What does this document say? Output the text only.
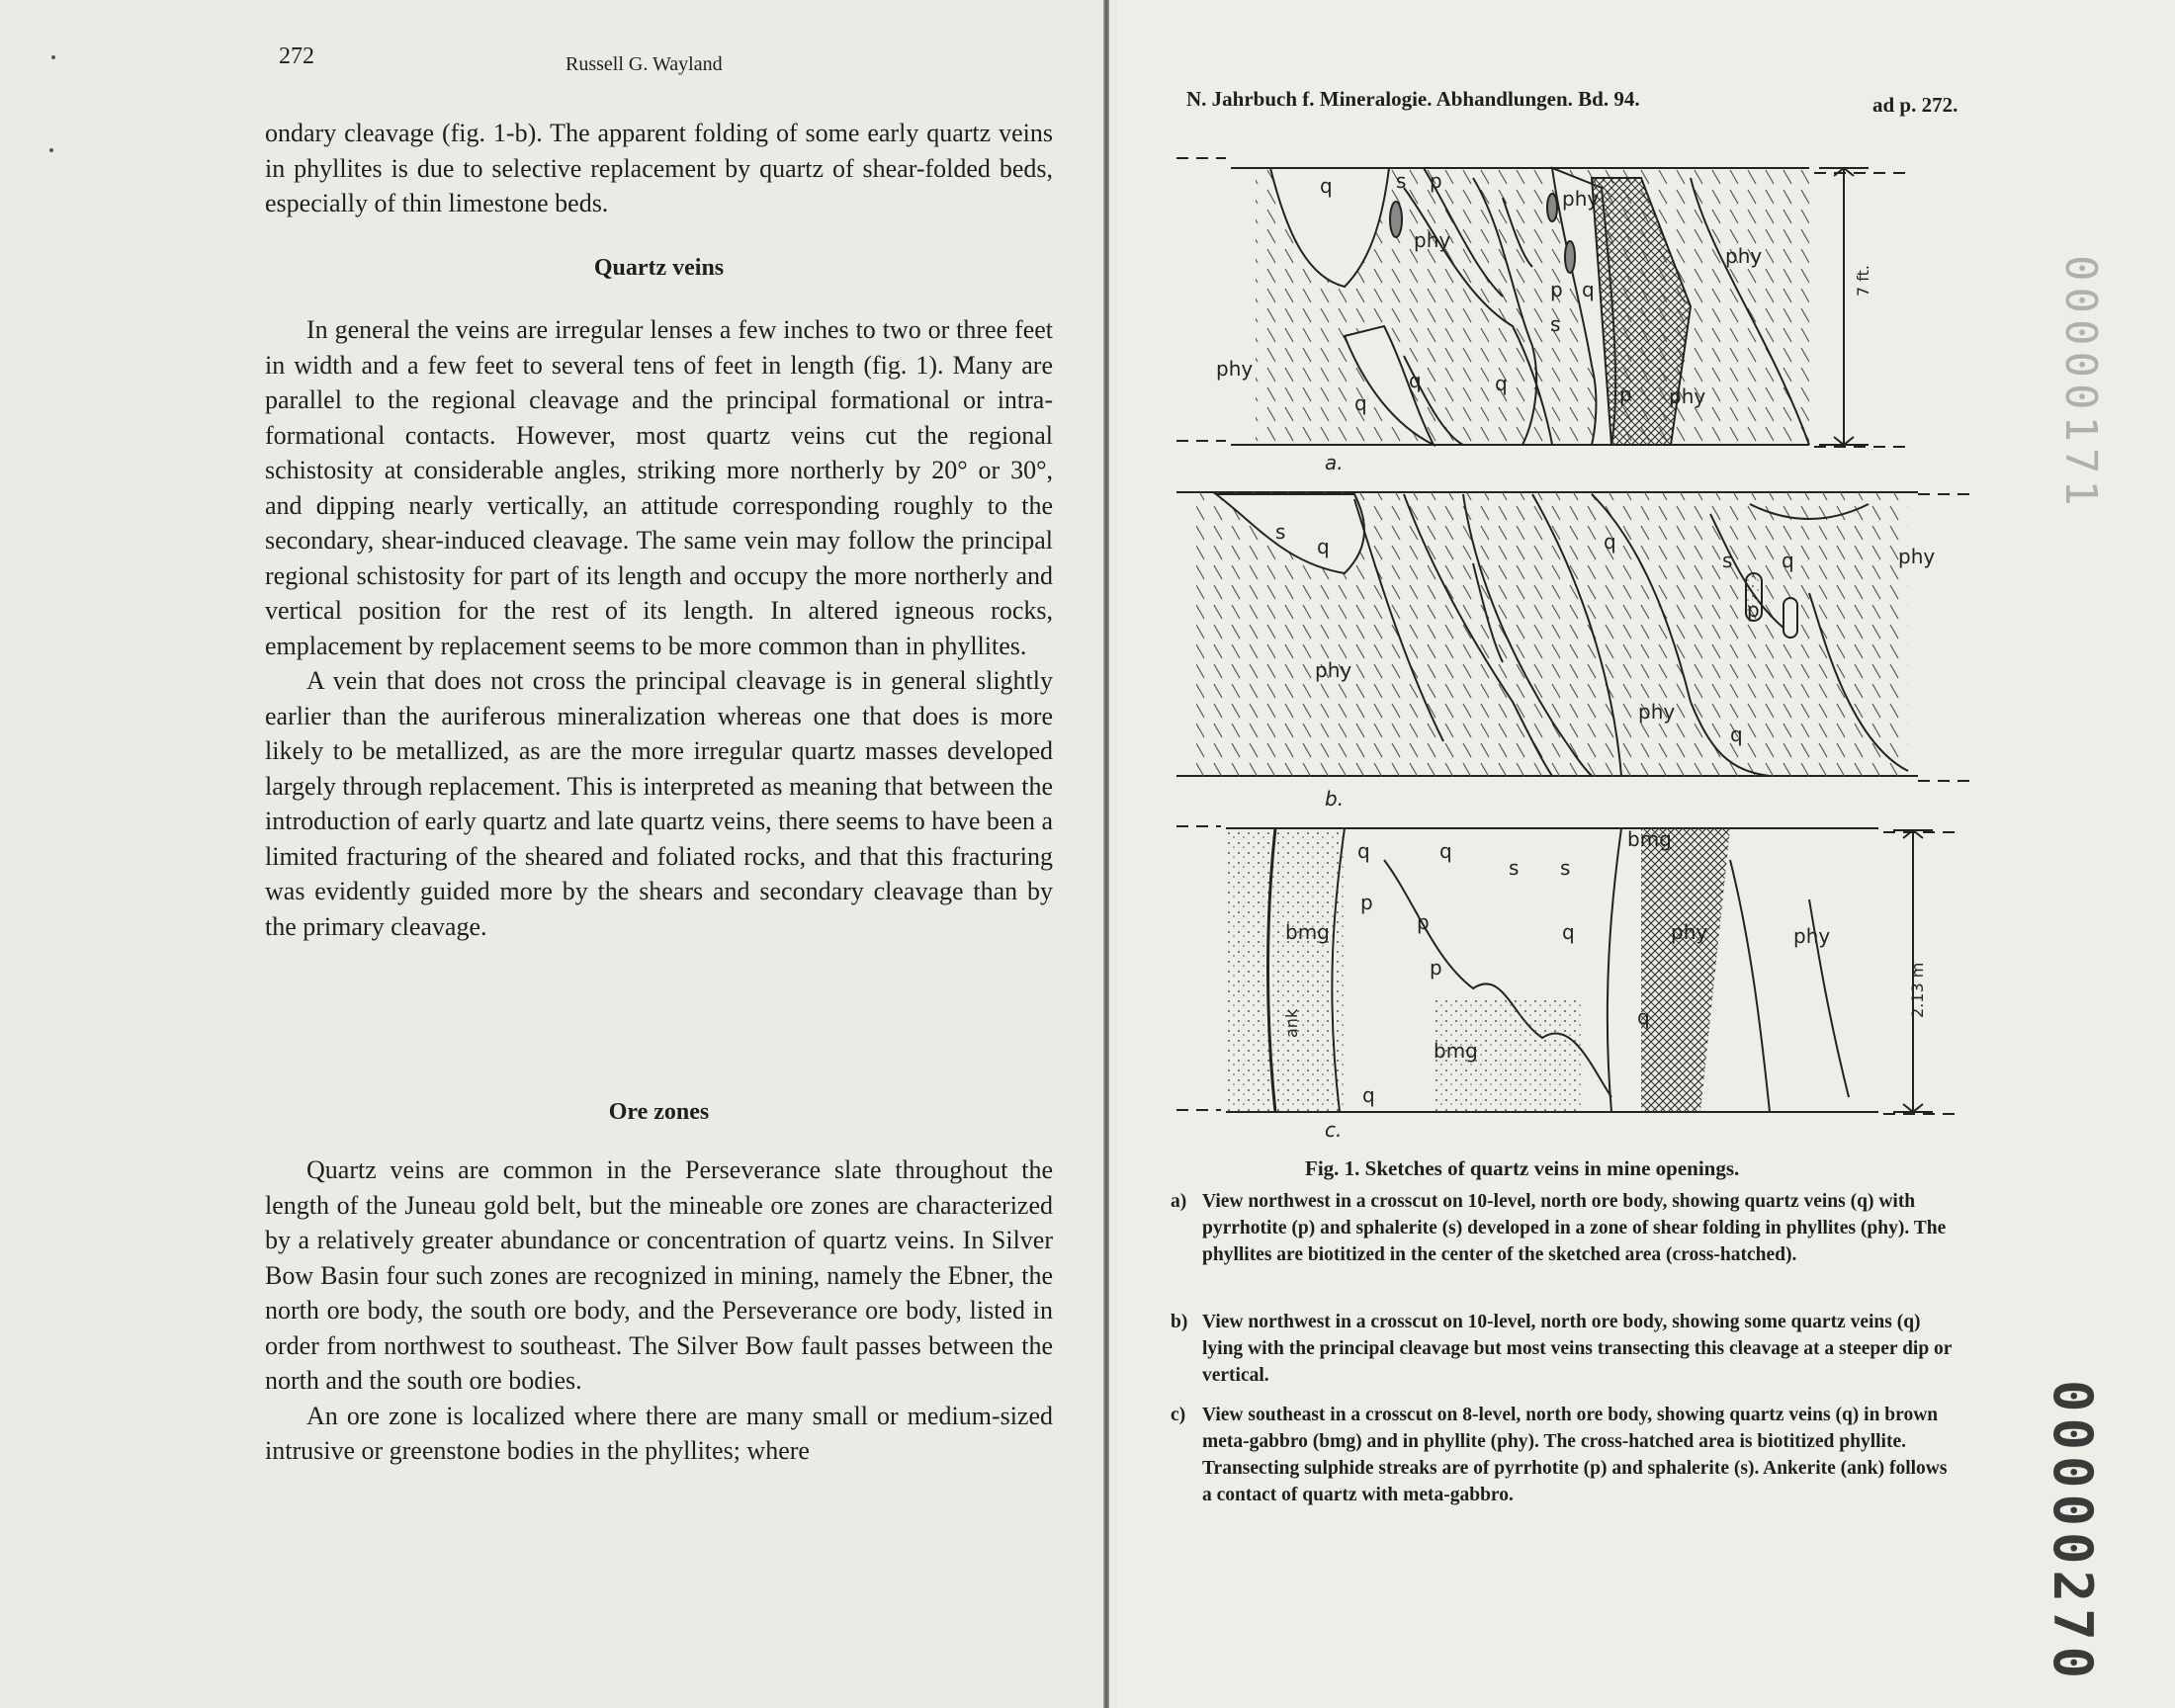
272	Russell G. Wayland

ondary cleavage (fig. 1-b). The apparent folding of some early quartz veins in phyllites is due to selective replacement by quartz of shear-folded beds, especially of thin limestone beds.

Quartz veins

In general the veins are irregular lenses a few inches to two or three feet in width and a few feet to several tens of feet in length (fig. 1). Many are parallel to the regional cleavage and the principal formational or intra-formational contacts. However, most quartz veins cut the regional schistosity at considerable angles, striking more northerly by 20° or 30°, and dipping nearly vertically, an attitude corresponding roughly to the secondary, shear-induced cleavage. The same vein may follow the principal regional schistosity for part of its length and occupy the more northerly and vertical position for the rest of its length. In altered igneous rocks, emplacement by replacement seems to be more common than in phyllites.

A vein that does not cross the principal cleavage is in general slightly earlier than the auriferous mineralization whereas one that does is more likely to be metallized, as are the more irregular quartz masses developed largely through replacement. This is interpreted as meaning that between the introduction of early quartz and late quartz veins, there seems to have been a limited fracturing of the sheared and foliated rocks, and that this fracturing was evidently guided more by the shears and secondary cleavage than by the primary cleavage.

Ore zones

Quartz veins are common in the Perseverance slate throughout the length of the Juneau gold belt, but the mineable ore zones are characterized by a relatively greater abundance or concentration of quartz veins. In Silver Bow Basin four such zones are recognized in mining, namely the Ebner, the north ore body, the south ore body, and the Perseverance ore body, listed in order from northwest to southeast. The Silver Bow fault passes between the north and the south ore bodies.

An ore zone is localized where there are many small or medium-sized intrusive or greenstone bodies in the phyllites; where

N. Jahrbuch f. Mineralogie. Abhandlungen. Bd. 94.	ad p. 272.
a.
b.
c.
7 ft.
2.13 m
q	s p
phy
phy
phy
p q
s
phy	q	q
phy
q	p
s
q	q
s q	phy
p
phy
phy
q
q	q
s s
bmg
p
p
bmg	q	phy	phy
ank
p
q
bmg
q
Fig. 1. Sketches of quartz veins in mine openings.
a) View northwest in a crosscut on 10-level, north ore body, showing quartz veins (q) with pyrrhotite (p) and sphalerite (s) developed in a zone of shear folding in phyllites (phy). The phyllites are biotitized in the center of the sketched area (cross-hatched).
b) View northwest in a crosscut on 10-level, north ore body, showing some quartz veins (q) lying with the principal cleavage but most veins transecting this cleavage at a steeper dip or vertical.
c) View southeast in a crosscut on 8-level, north ore body, showing quartz veins (q) in brown meta-gabbro (bmg) and in phyllite (phy). The cross-hatched area is biotitized phyllite. Transecting sulphide streaks are of pyrrhotite (p) and sphalerite (s). Ankerite (ank) follows a contact of quartz with meta-gabbro.
00000171
00000270
